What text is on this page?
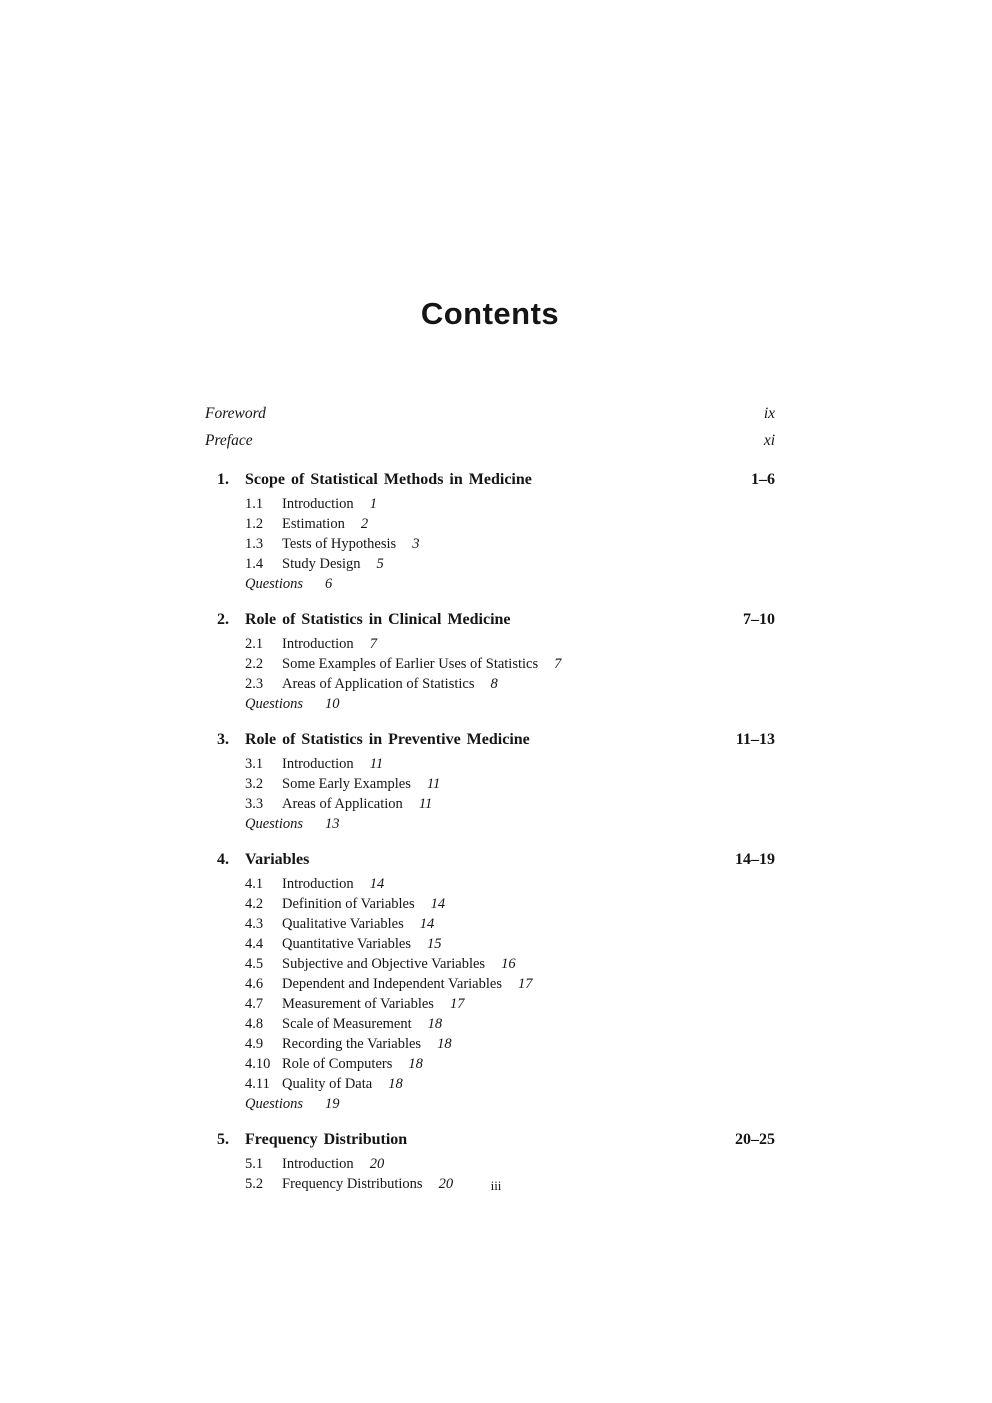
Contents
Foreword	ix
Preface	xi
1.	Scope of Statistical Methods in Medicine	1–6
1.1	Introduction 1
1.2	Estimation 2
1.3	Tests of Hypothesis 3
1.4	Study Design 5
Questions 6
2.	Role of Statistics in Clinical Medicine	7–10
2.1	Introduction 7
2.2	Some Examples of Earlier Uses of Statistics 7
2.3	Areas of Application of Statistics 8
Questions 10
3.	Role of Statistics in Preventive Medicine	11–13
3.1	Introduction 11
3.2	Some Early Examples 11
3.3	Areas of Application 11
Questions 13
4.	Variables	14–19
4.1	Introduction 14
4.2	Definition of Variables 14
4.3	Qualitative Variables 14
4.4	Quantitative Variables 15
4.5	Subjective and Objective Variables 16
4.6	Dependent and Independent Variables 17
4.7	Measurement of Variables 17
4.8	Scale of Measurement 18
4.9	Recording the Variables 18
4.10 Role of Computers 18
4.11 Quality of Data 18
Questions 19
5.	Frequency Distribution	20–25
5.1	Introduction 20
5.2	Frequency Distributions 20	iii
